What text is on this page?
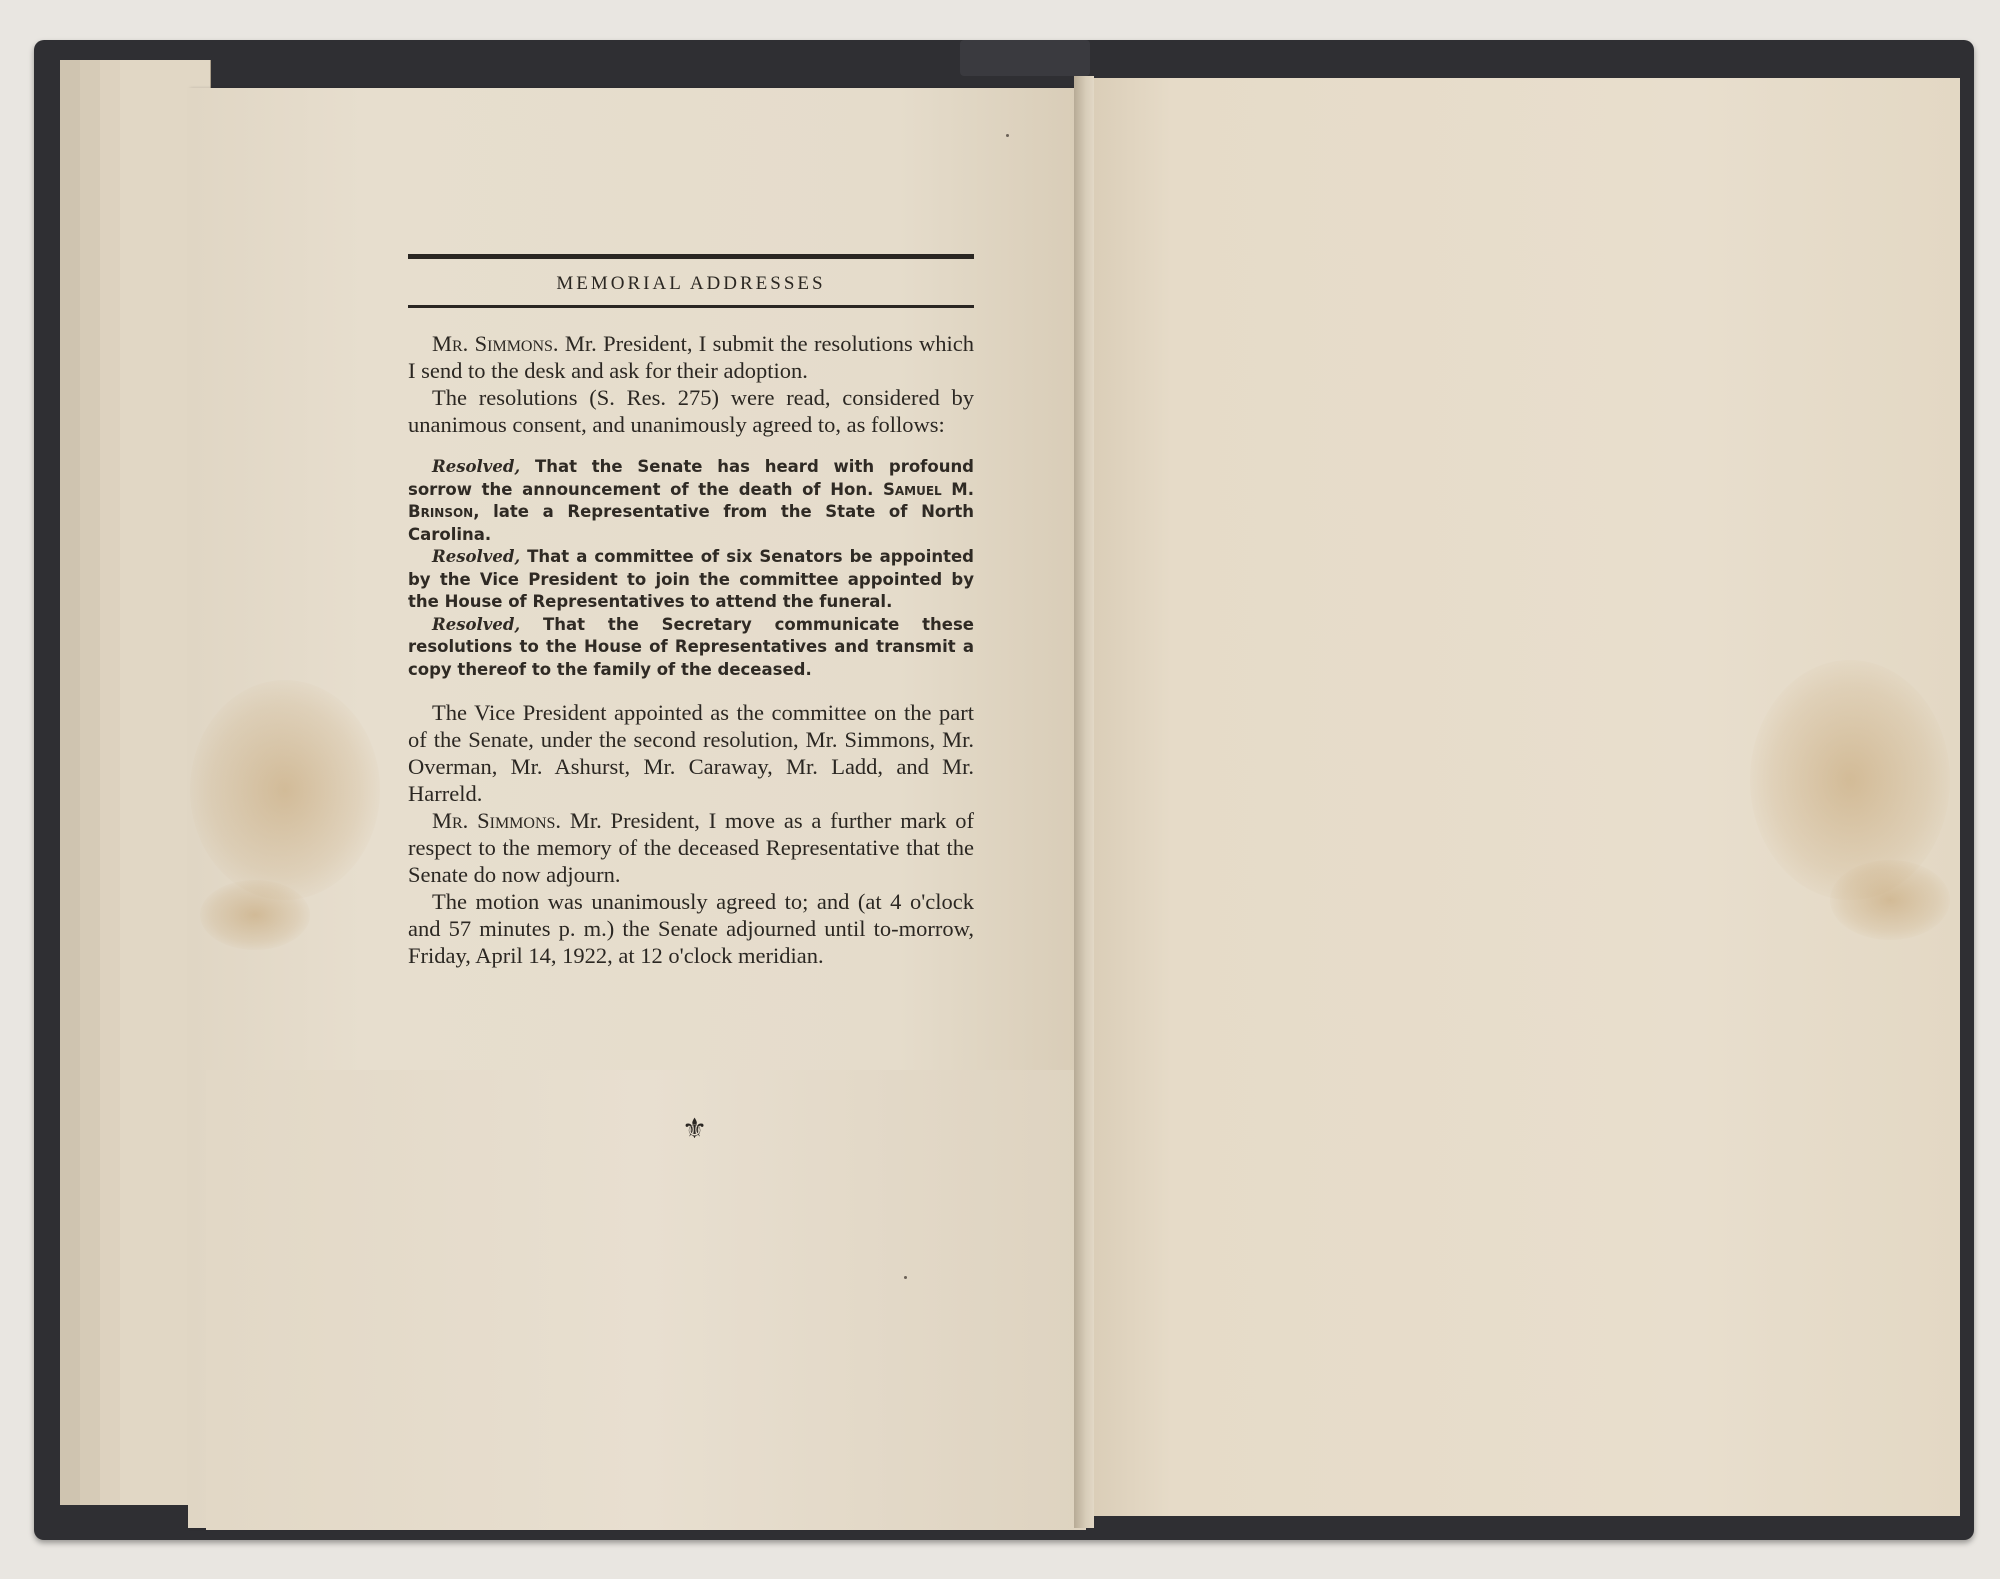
MEMORIAL ADDRESSES

Mr. Simmons. Mr. President, I submit the resolutions which I send to the desk and ask for their adoption.

The resolutions (S. Res. 275) were read, considered by unanimous consent, and unanimously agreed to, as follows:

Resolved, That the Senate has heard with profound sorrow the announcement of the death of Hon. Samuel M. Brinson, late a Representative from the State of North Carolina.

Resolved, That a committee of six Senators be appointed by the Vice President to join the committee appointed by the House of Representatives to attend the funeral.

Resolved, That the Secretary communicate these resolutions to the House of Representatives and transmit a copy thereof to the family of the deceased.

The Vice President appointed as the committee on the part of the Senate, under the second resolution, Mr. Simmons, Mr. Overman, Mr. Ashurst, Mr. Caraway, Mr. Ladd, and Mr. Harreld.

Mr. Simmons. Mr. President, I move as a further mark of respect to the memory of the deceased Representative that the Senate do now adjourn.

The motion was unanimously agreed to; and (at 4 o'clock and 57 minutes p. m.) the Senate adjourned until to-morrow, Friday, April 14, 1922, at 12 o'clock meridian.

⚜
